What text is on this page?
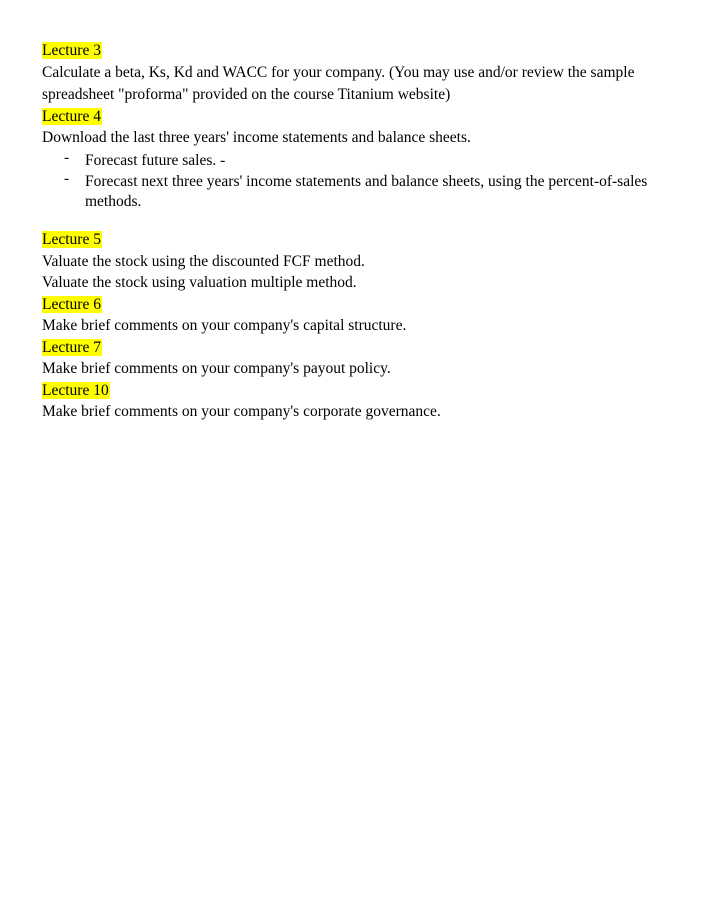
Lecture 3

Calculate a beta, Ks, Kd and WACC for your company. (You may use and/or review the sample spreadsheet "proforma" provided on the course Titanium website)

Lecture 4

Download the last three years' income statements and balance sheets.

- Forecast future sales. -
- Forecast next three years' income statements and balance sheets, using the percent-of-sales methods.
Lecture 5

Valuate the stock using the discounted FCF method.

Valuate the stock using valuation multiple method.

Lecture 6

Make brief comments on your company's capital structure.

Lecture 7

Make brief comments on your company's payout policy.

Lecture 10

Make brief comments on your company's corporate governance.
